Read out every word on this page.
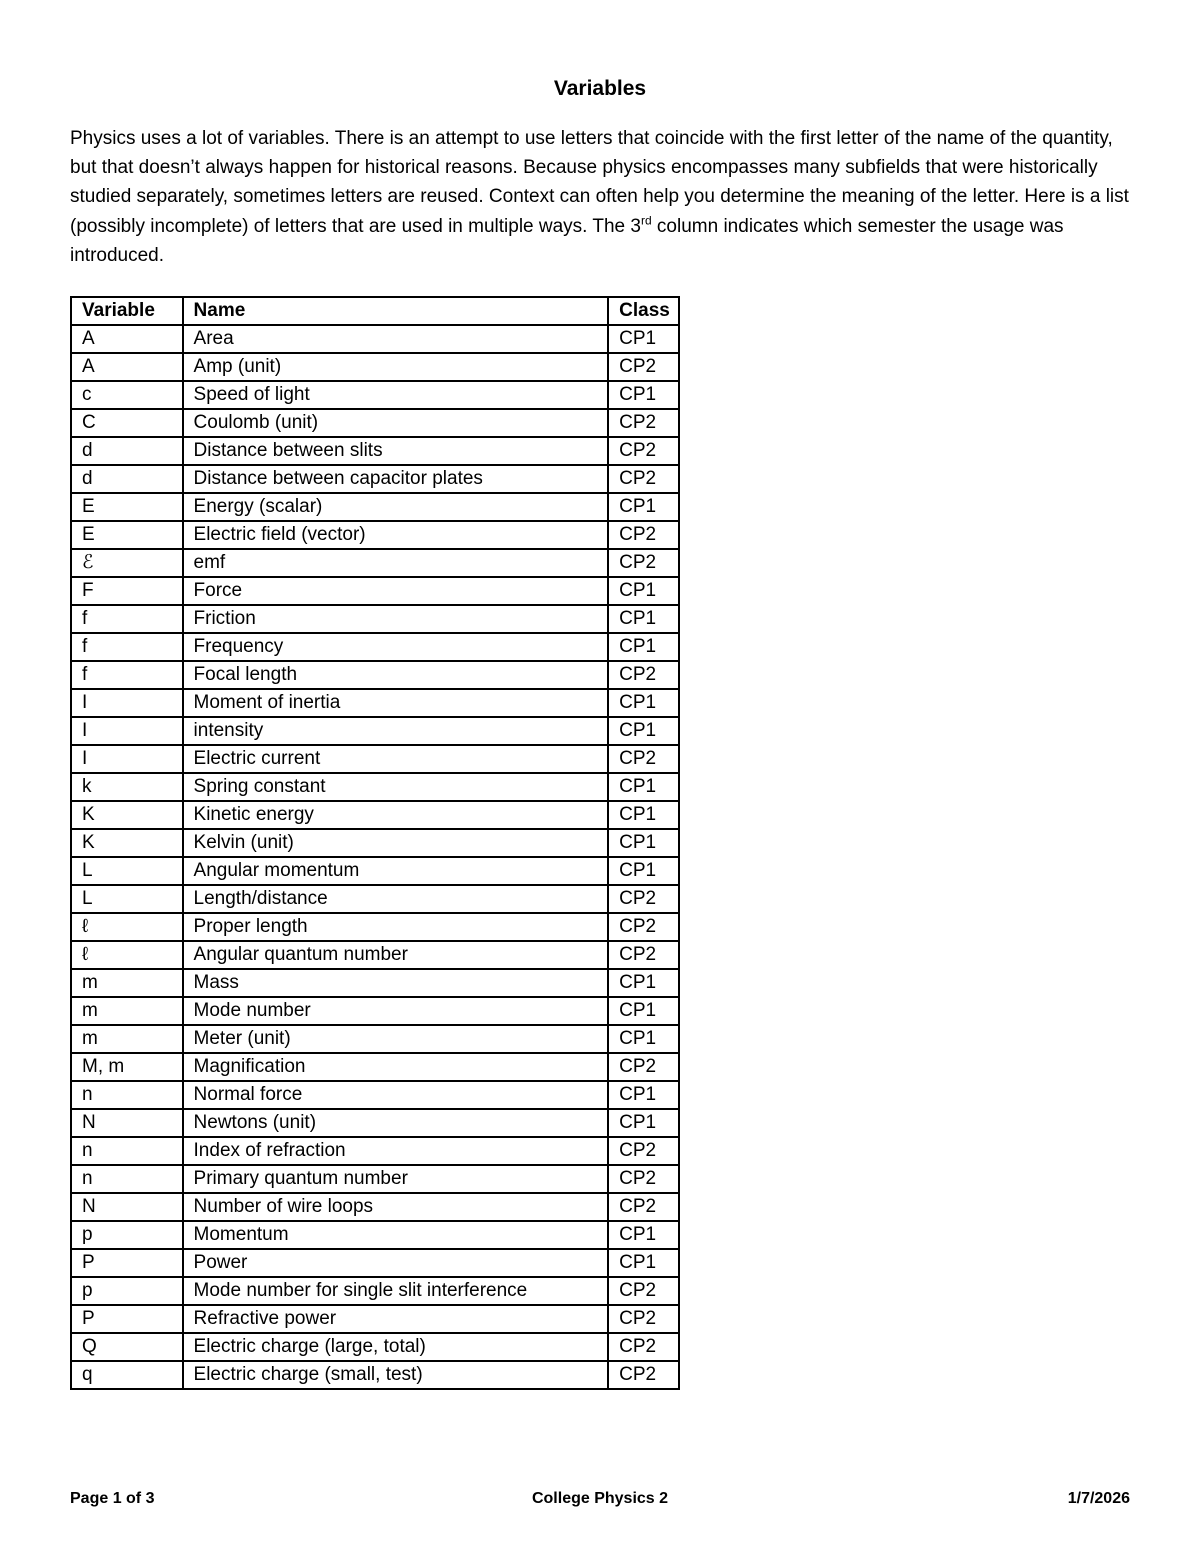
Variables

Physics uses a lot of variables. There is an attempt to use letters that coincide with the first letter of the name of the quantity, but that doesn’t always happen for historical reasons. Because physics encompasses many subfields that were historically studied separately, sometimes letters are reused. Context can often help you determine the meaning of the letter. Here is a list (possibly incomplete) of letters that are used in multiple ways. The 3rd column indicates which semester the usage was introduced.

Variable	Name	Class
A	Area	CP1
A	Amp (unit)	CP2
c	Speed of light	CP1
C	Coulomb (unit)	CP2
d	Distance between slits	CP2
d	Distance between capacitor plates	CP2
E	Energy (scalar)	CP1
E	Electric field (vector)	CP2
ℰ	emf	CP2
F	Force	CP1
f	Friction	CP1
f	Frequency	CP1
f	Focal length	CP2
I	Moment of inertia	CP1
I	intensity	CP1
I	Electric current	CP2
k	Spring constant	CP1
K	Kinetic energy	CP1
K	Kelvin (unit)	CP1
L	Angular momentum	CP1
L	Length/distance	CP2
ℓ	Proper length	CP2
ℓ	Angular quantum number	CP2
m	Mass	CP1
m	Mode number	CP1
m	Meter (unit)	CP1
M, m	Magnification	CP2
n	Normal force	CP1
N	Newtons (unit)	CP1
n	Index of refraction	CP2
n	Primary quantum number	CP2
N	Number of wire loops	CP2
p	Momentum	CP1
P	Power	CP1
p	Mode number for single slit interference	CP2
P	Refractive power	CP2
Q	Electric charge (large, total)	CP2
q	Electric charge (small, test)	CP2
Page 1 of 3	College Physics 2	1/7/2026
